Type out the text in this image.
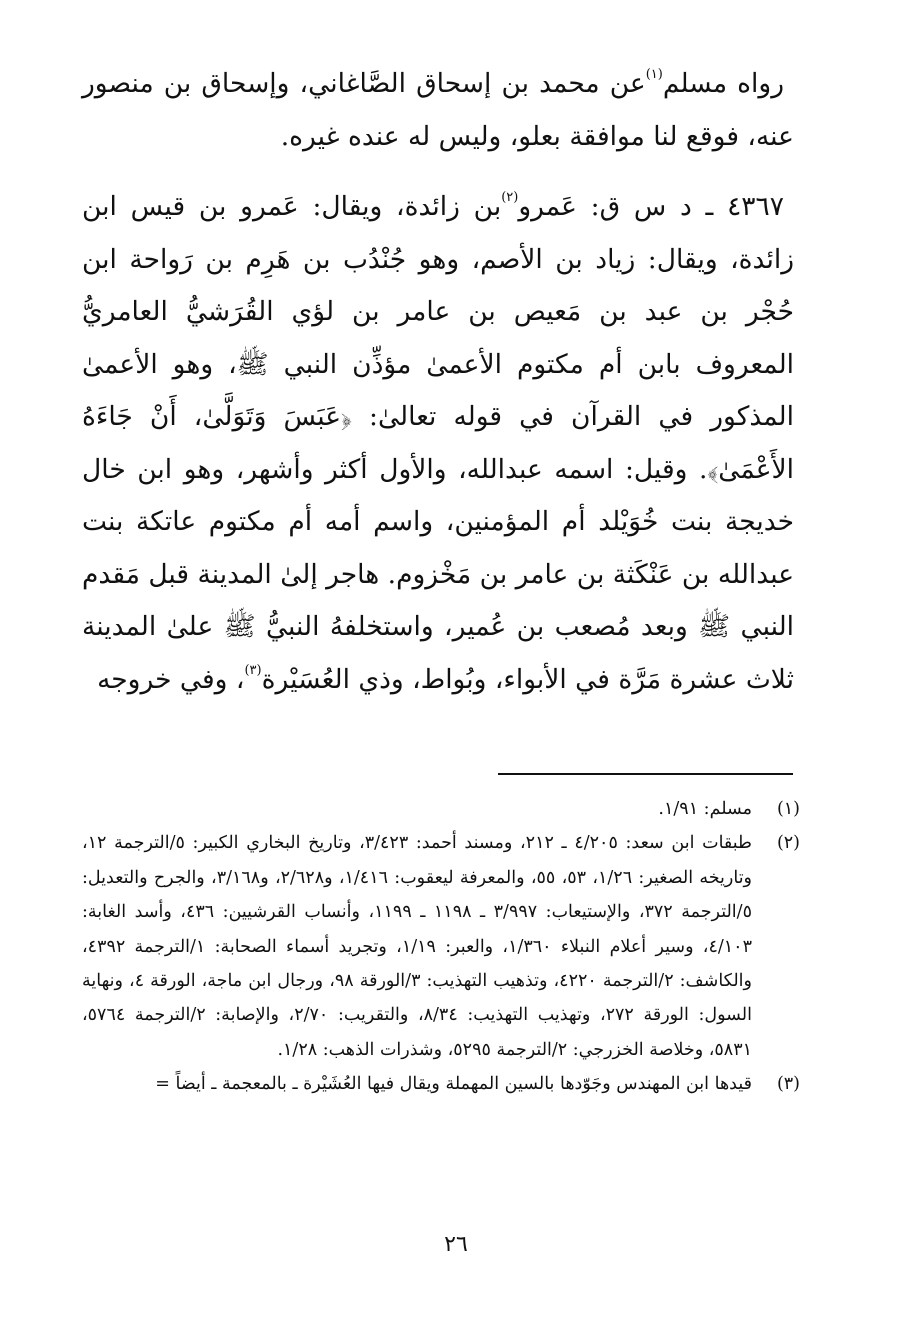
رواه مسلم$^{(١)}$عن محمد بن إسحاق الصَّاغاني، وإسحاق بن منصور عنه، فوقع لنا موافقة بعلو، وليس له عنده غيره.

٤٣٦٧ ـ د س ق: عَمرو$^{(٢)}$بن زائدة، ويقال: عَمرو بن قيس ابن زائدة، ويقال: زياد بن الأصم، وهو جُنْدُب بن هَرِم بن رَواحة ابن حُجْر بن عبد بن مَعيص بن عامر بن لؤي القُرَشيُّ العامريُّ المعروف بابن أم مكتوم الأعمىٰ مؤذِّن النبي ﷺ، وهو الأعمىٰ المذكور في القرآن في قوله تعالىٰ: ﴿عَبَسَ وَتَوَلَّىٰ، أَنْ جَاءَهُ الأَعْمَىٰ﴾. وقيل: اسمه عبدالله، والأول أكثر وأشهر، وهو ابن خال خديجة بنت خُوَيْلد أم المؤمنين، واسم أمه أم مكتوم عاتكة بنت عبدالله بن عَنْكَثة بن عامر بن مَخْزوم. هاجر إلىٰ المدينة قبل مَقدم النبي ﷺ وبعد مُصعب بن عُمير، واستخلفهُ النبيُّ ﷺ علىٰ المدينة ثلاث عشرة مَرَّة في الأبواء، وبُواط، وذي العُسَيْرة$^{(٣)}$، وفي خروجه

(١)
مسلم: ١/٩١.
(٢)
طبقات ابن سعد: ٤/٢٠٥ ـ ٢١٢، ومسند أحمد: ٣/٤٢٣، وتاريخ البخاري الكبير: ٥/الترجمة ١٢، وتاريخه الصغير: ١/٢٦، ٥٣، ٥٥، والمعرفة ليعقوب: ١/٤١٦، و٢/٦٢٨، و٣/١٦٨، والجرح والتعديل: ٥/الترجمة ٣٧٢، والإستيعاب: ٣/٩٩٧ ـ ١١٩٨ ـ ١١٩٩، وأنساب القرشيين: ٤٣٦، وأسد الغابة: ٤/١٠٣، وسير أعلام النبلاء ١/٣٦٠، والعبر: ١/١٩، وتجريد أسماء الصحابة: ١/الترجمة ٤٣٩٢، والكاشف: ٢/الترجمة ٤٢٢٠، وتذهيب التهذيب: ٣/الورقة ٩٨، ورجال ابن ماجة، الورقة ٤، ونهاية السول: الورقة ٢٧٢، وتهذيب التهذيب: ٨/٣٤، والتقريب: ٢/٧٠، والإصابة: ٢/الترجمة ٥٧٦٤، ٥٨٣١، وخلاصة الخزرجي: ٢/الترجمة ٥٢٩٥، وشذرات الذهب: ١/٢٨.
(٣)
قيدها ابن المهندس وجَوّدها بالسين المهملة ويقال فيها العُشَيْرة ـ بالمعجمة ـ أيضاً =
٢٦
